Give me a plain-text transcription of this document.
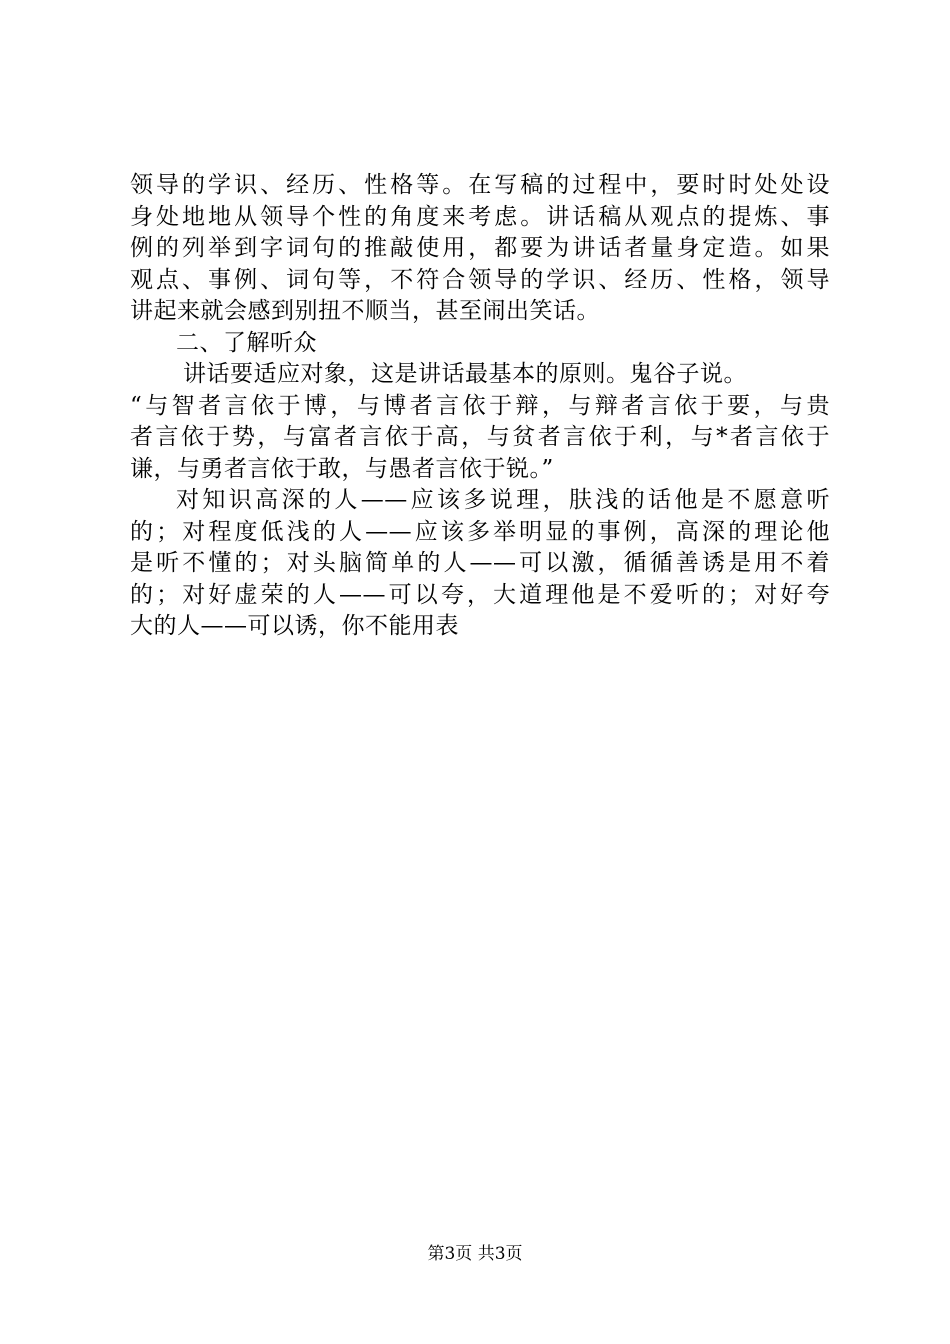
领导的学识、经历、性格等。在写稿的过程中，要时时处处设
身处地地从领导个性的角度来考虑。讲话稿从观点的提炼、事
例的列举到字词句的推敲使用，都要为讲话者量身定造。如果
观点、事例、词句等，不符合领导的学识、经历、性格，领导
讲起来就会感到别扭不顺当，甚至闹出笑话。
二、了解听众
讲话要适应对象，这是讲话最基本的原则。鬼谷子说。
“与智者言依于博，与博者言依于辩，与辩者言依于要，与贵
者言依于势，与富者言依于高，与贫者言依于利，与*者言依于
谦，与勇者言依于敢，与愚者言依于锐。”
对知识高深的人——应该多说理，肤浅的话他是不愿意听
的；对程度低浅的人——应该多举明显的事例，高深的理论他
是听不懂的；对头脑简单的人——可以激，循循善诱是用不着
的；对好虚荣的人——可以夸，大道理他是不爱听的；对好夸
大的人——可以诱，你不能用表
第3页 共3页
